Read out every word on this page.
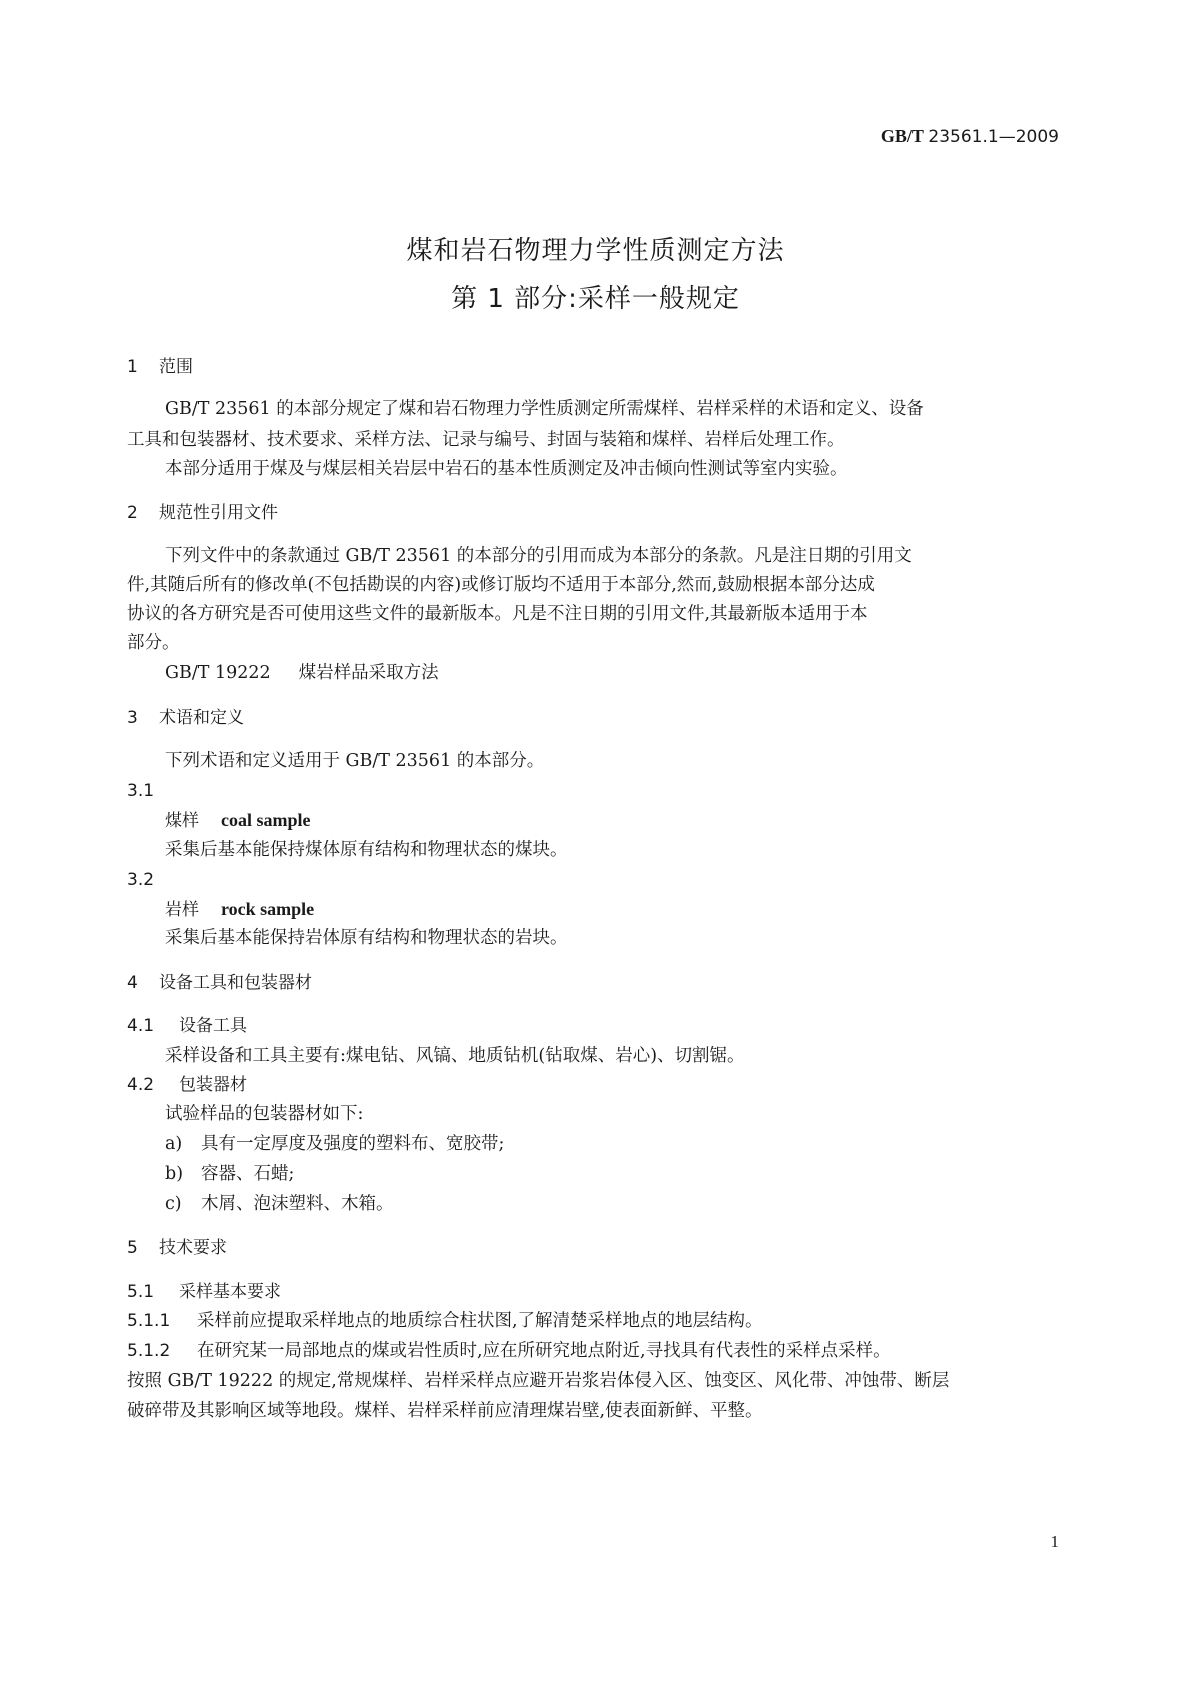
GB/T 23561.1—2009
煤和岩石物理力学性质测定方法
第 1 部分:采样一般规定
1 范围
GB/T 23561 的本部分规定了煤和岩石物理力学性质测定所需煤样、岩样采样的术语和定义、设备
工具和包装器材、技术要求、采样方法、记录与编号、封固与装箱和煤样、岩样后处理工作。
本部分适用于煤及与煤层相关岩层中岩石的基本性质测定及冲击倾向性测试等室内实验。
2 规范性引用文件
下列文件中的条款通过 GB/T 23561 的本部分的引用而成为本部分的条款。凡是注日期的引用文
件,其随后所有的修改单(不包括勘误的内容)或修订版均不适用于本部分,然而,鼓励根据本部分达成
协议的各方研究是否可使用这些文件的最新版本。凡是不注日期的引用文件,其最新版本适用于本
部分。
GB/T 19222 煤岩样品采取方法
3 术语和定义
下列术语和定义适用于 GB/T 23561 的本部分。
3.1
煤样 coal sample
采集后基本能保持煤体原有结构和物理状态的煤块。
3.2
岩样 rock sample
采集后基本能保持岩体原有结构和物理状态的岩块。
4 设备工具和包装器材
4.1 设备工具
采样设备和工具主要有:煤电钻、风镐、地质钻机(钻取煤、岩心)、切割锯。
4.2 包装器材
试验样品的包装器材如下:
a) 具有一定厚度及强度的塑料布、宽胶带;
b) 容器、石蜡;
c) 木屑、泡沫塑料、木箱。
5 技术要求
5.1 采样基本要求
5.1.1 采样前应提取采样地点的地质综合柱状图,了解清楚采样地点的地层结构。
5.1.2 在研究某一局部地点的煤或岩性质时,应在所研究地点附近,寻找具有代表性的采样点采样。
按照 GB/T 19222 的规定,常规煤样、岩样采样点应避开岩浆岩体侵入区、蚀变区、风化带、冲蚀带、断层
破碎带及其影响区域等地段。煤样、岩样采样前应清理煤岩壁,使表面新鲜、平整。
1
